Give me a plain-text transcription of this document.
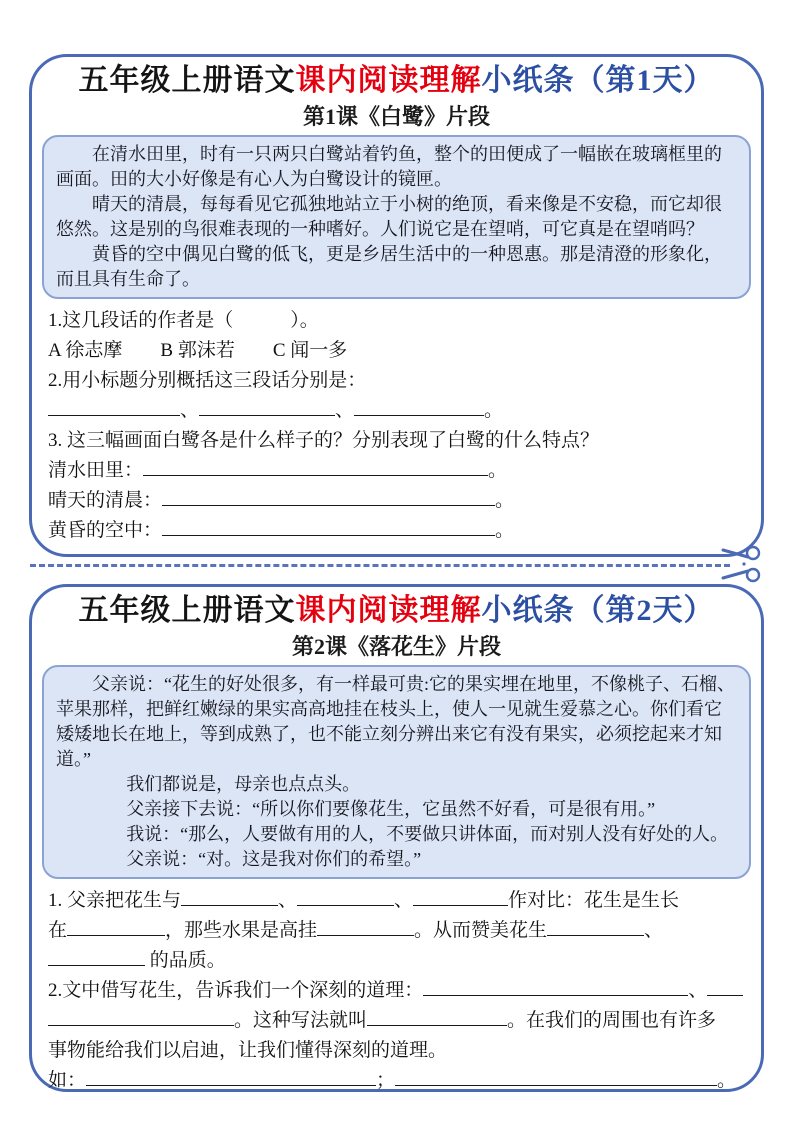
五年级上册语文课内阅读理解小纸条（第1天）
第1课《白鹭》片段

在清水田里，时有一只两只白鹭站着钓鱼，整个的田便成了一幅嵌在玻璃框里的画面。田的大小好像是有心人为白鹭设计的镜匣。

晴天的清晨，每每看见它孤独地站立于小树的绝顶，看来像是不安稳，而它却很悠然。这是别的鸟很难表现的一种嗜好。人们说它是在望哨，可它真是在望哨吗？

黄昏的空中偶见白鹭的低飞，更是乡居生活中的一种恩惠。那是清澄的形象化，而且具有生命了。

1.这几段话的作者是（　　　）。
A 徐志摩　　B 郭沫若　　C 闻一多
2.用小标题分别概括这三段话分别是：
、	、	。
3. 这三幅画面白鹭各是什么样子的？分别表现了白鹭的什么特点？
清水田里：	。
晴天的清晨：	。
黄昏的空中：	。
五年级上册语文课内阅读理解小纸条（第2天）
第2课《落花生》片段

父亲说：“花生的好处很多，有一样最可贵:它的果实埋在地里，不像桃子、石榴、苹果那样，把鲜红嫩绿的果实高高地挂在枝头上，使人一见就生爱慕之心。你们看它矮矮地长在地上，等到成熟了，也不能立刻分辨出来它有没有果实，必须挖起来才知道。”

我们都说是，母亲也点点头。

父亲接下去说：“所以你们要像花生，它虽然不好看，可是很有用。”

我说：“那么，人要做有用的人，不要做只讲体面，而对别人没有好处的人。

父亲说：“对。这是我对你们的希望。”

1. 父亲把花生与	、	、	作对比：花生是生长
在	，那些水果是高挂	。从而赞美花生	、
的品质。
2.文中借写花生，告诉我们一个深刻的道理：	、
。这种写法就叫	。在我们的周围也有许多
事物能给我们以启迪，让我们懂得深刻的道理。
如：	；	。
